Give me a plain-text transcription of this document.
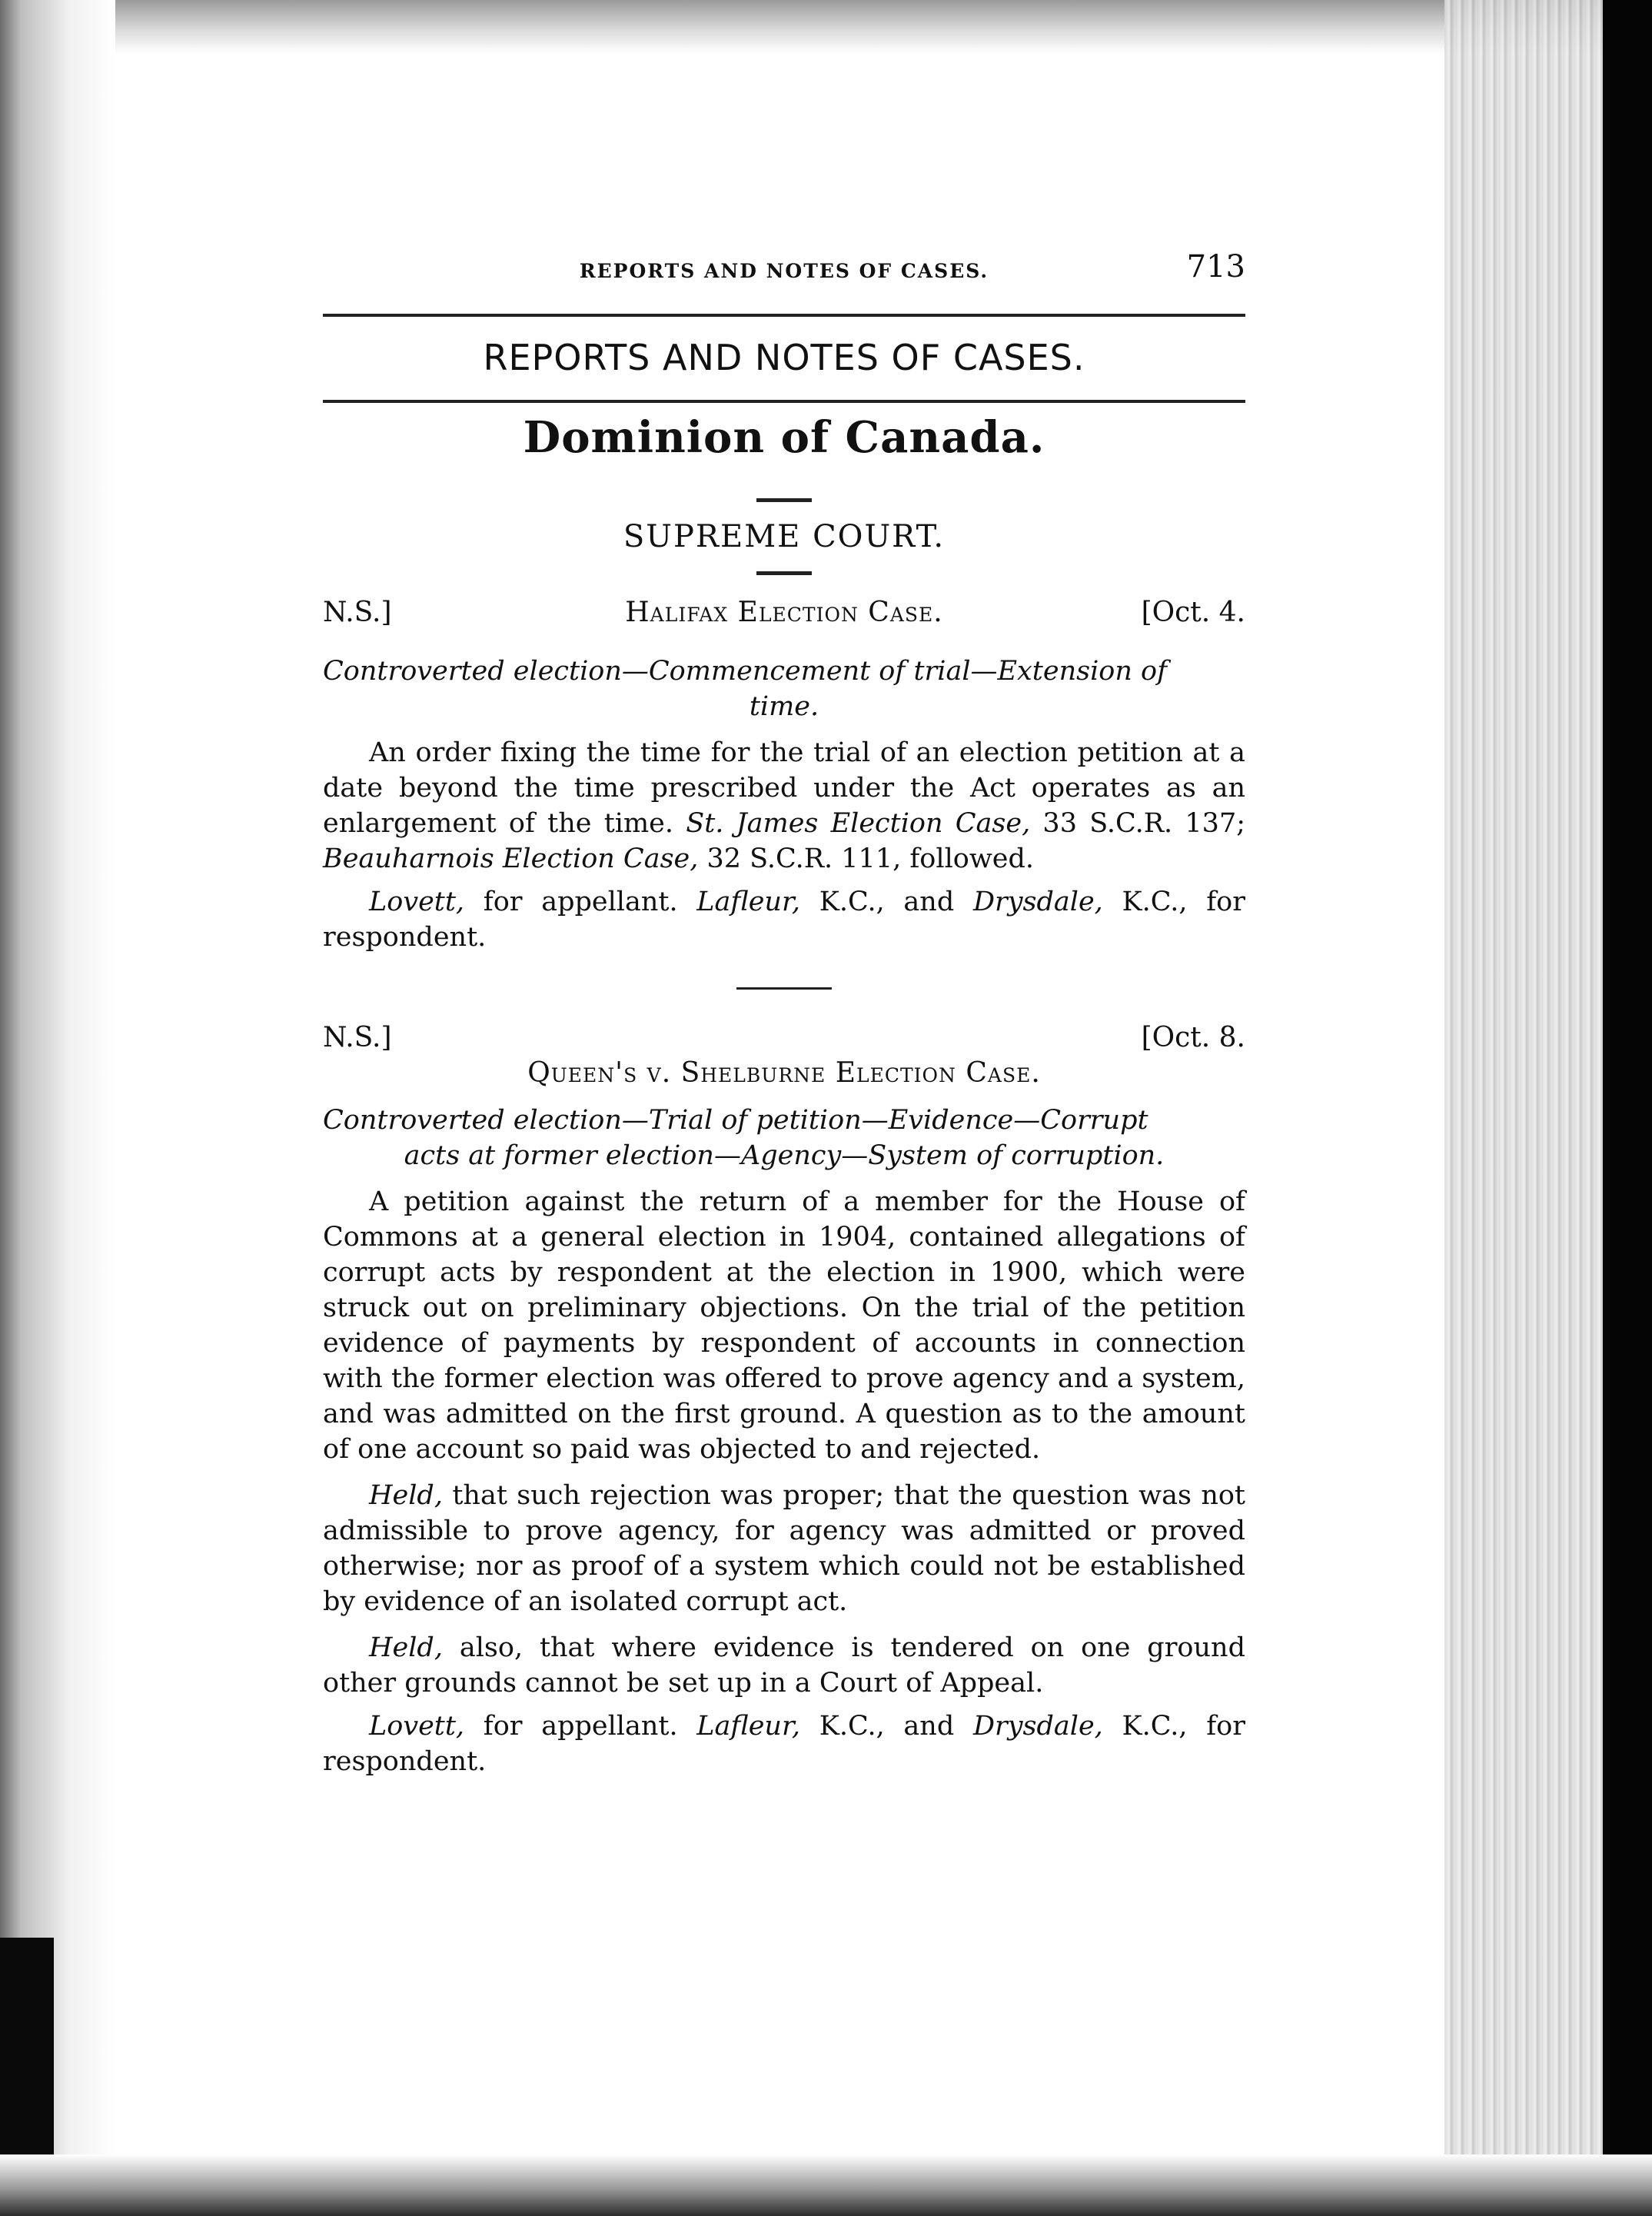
REPORTS AND NOTES OF CASES.	713
REPORTS AND NOTES OF CASES.
Dominion of Canada.
SUPREME COURT.
N.S.]	Halifax Election Case.	[Oct. 4.
Controverted election—Commencement of trial—Extension of
time.

An order fixing the time for the trial of an election petition at a date beyond the time prescribed under the Act operates as an enlargement of the time. St. James Election Case, 33 S.C.R. 137; Beauharnois Election Case, 32 S.C.R. 111, followed.

Lovett, for appellant. Lafleur, K.C., and Drysdale, K.C., for respondent.

N.S.]	[Oct. 8.
Queen's v. Shelburne Election Case.
Controverted election—Trial of petition—Evidence—Corrupt
acts at former election—Agency—System of corruption.

A petition against the return of a member for the House of Commons at a general election in 1904, contained allegations of corrupt acts by respondent at the election in 1900, which were struck out on preliminary objections. On the trial of the petition evidence of payments by respondent of accounts in connection with the former election was offered to prove agency and a system, and was admitted on the first ground. A question as to the amount of one account so paid was objected to and rejected.

Held, that such rejection was proper; that the question was not admissible to prove agency, for agency was admitted or proved otherwise; nor as proof of a system which could not be established by evidence of an isolated corrupt act.

Held, also, that where evidence is tendered on one ground other grounds cannot be set up in a Court of Appeal.

Lovett, for appellant. Lafleur, K.C., and Drysdale, K.C., for respondent.
